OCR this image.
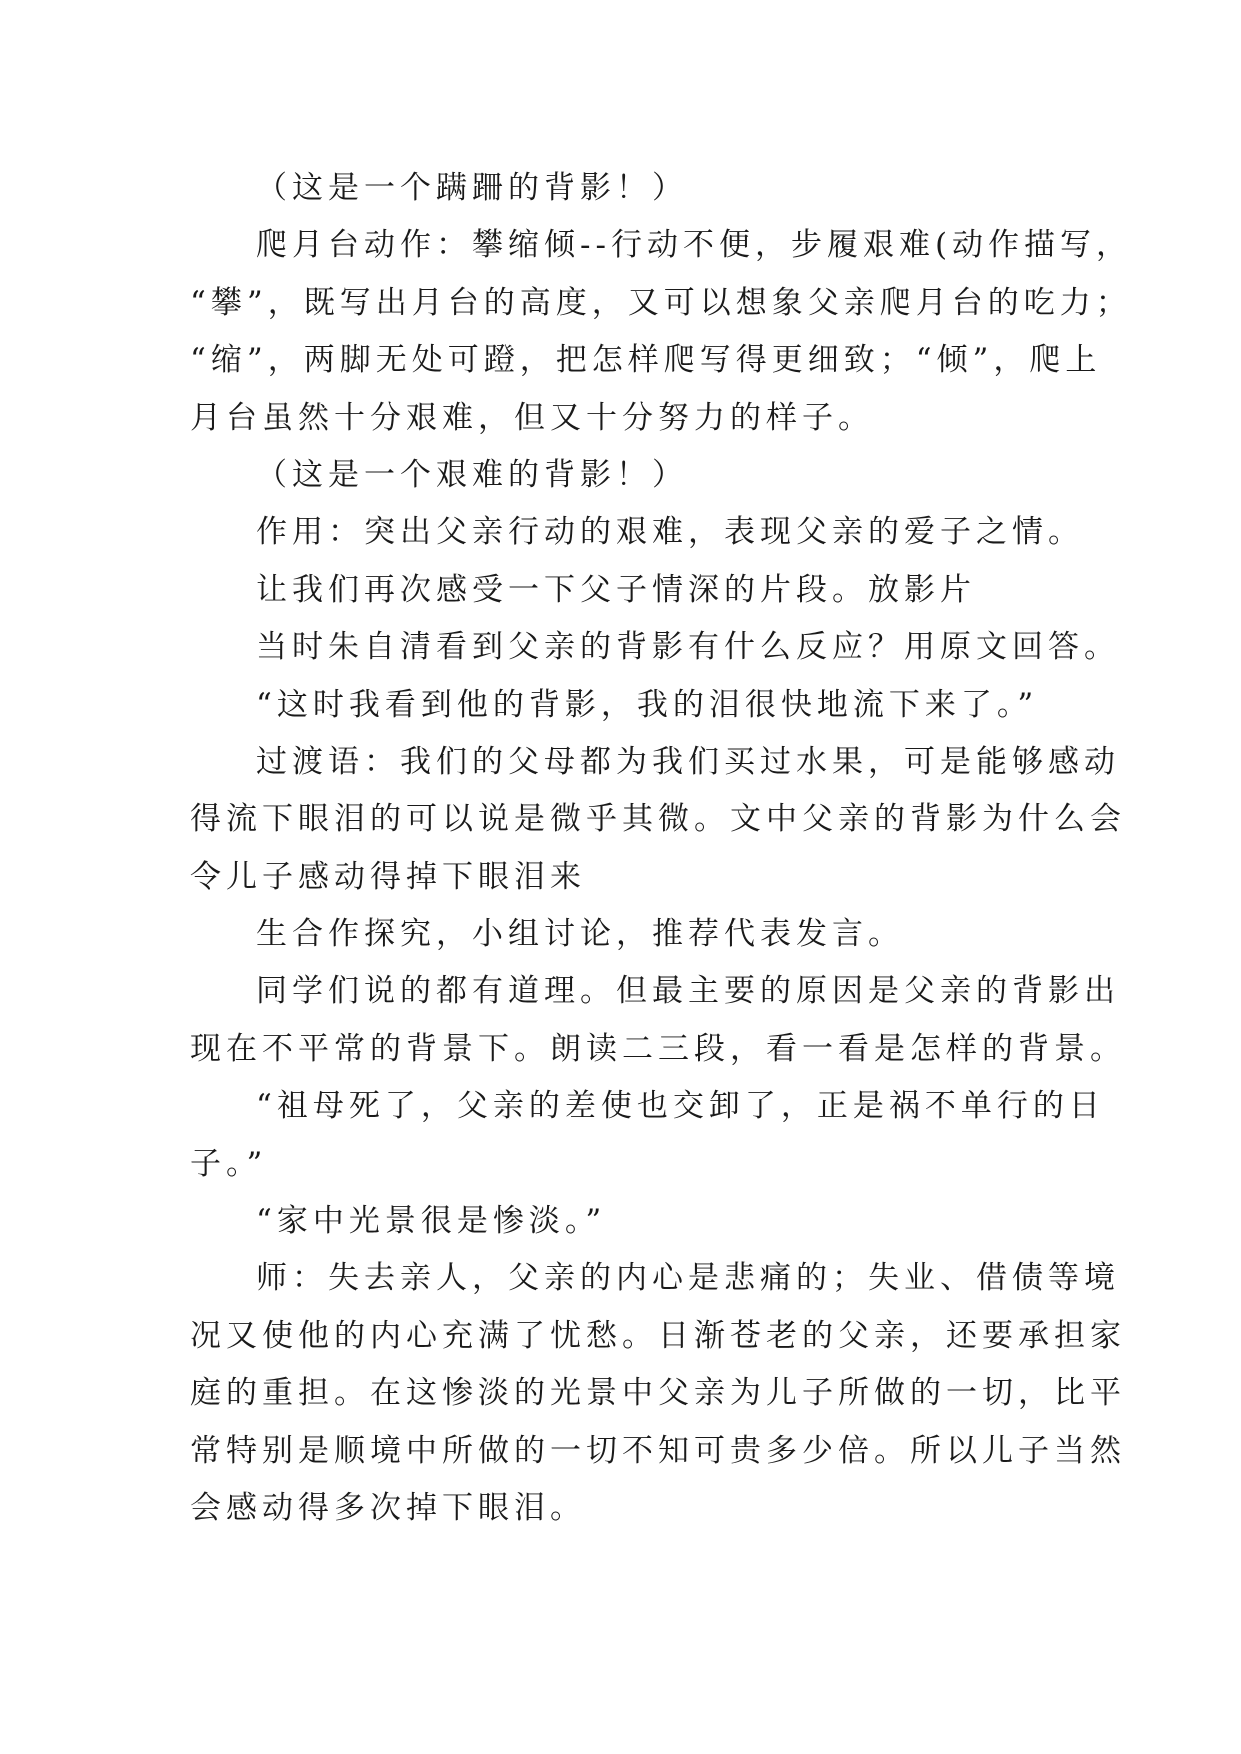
（这是一个蹒跚的背影！）
爬月台动作：攀缩倾--行动不便，步履艰难(动作描写，
“攀”，既写出月台的高度，又可以想象父亲爬月台的吃力；
“缩”，两脚无处可蹬，把怎样爬写得更细致；“倾”，爬上
月台虽然十分艰难，但又十分努力的样子。
（这是一个艰难的背影！）
作用：突出父亲行动的艰难，表现父亲的爱子之情。
让我们再次感受一下父子情深的片段。放影片
当时朱自清看到父亲的背影有什么反应？用原文回答。
“这时我看到他的背影，我的泪很快地流下来了。”
过渡语：我们的父母都为我们买过水果，可是能够感动
得流下眼泪的可以说是微乎其微。文中父亲的背影为什么会
令儿子感动得掉下眼泪来
生合作探究，小组讨论，推荐代表发言。
同学们说的都有道理。但最主要的原因是父亲的背影出
现在不平常的背景下。朗读二三段，看一看是怎样的背景。
“祖母死了，父亲的差使也交卸了，正是祸不单行的日
子。”
“家中光景很是惨淡。”
师：失去亲人，父亲的内心是悲痛的；失业、借债等境
况又使他的内心充满了忧愁。日渐苍老的父亲，还要承担家
庭的重担。在这惨淡的光景中父亲为儿子所做的一切，比平
常特别是顺境中所做的一切不知可贵多少倍。所以儿子当然
会感动得多次掉下眼泪。
